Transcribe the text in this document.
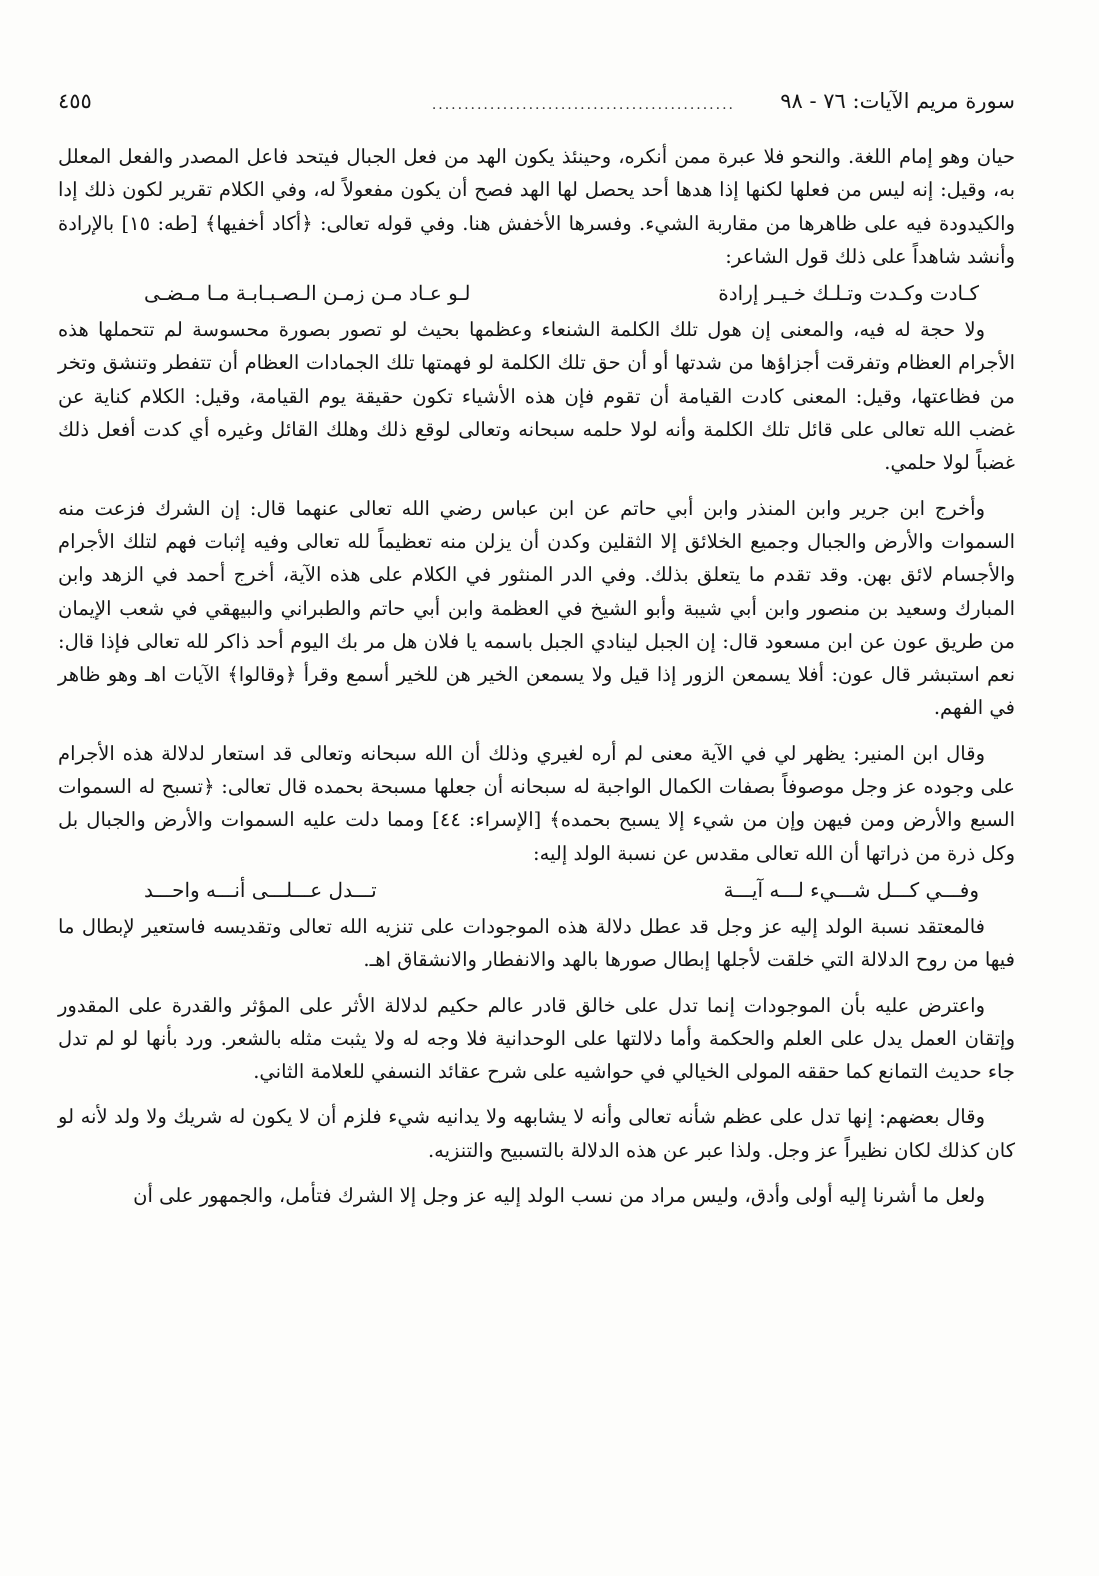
سورة مريم الآيات: ٧٦ - ٩٨
...............................................
٤٥٥

حيان وهو إمام اللغة. والنحو فلا عبرة ممن أنكره، وحينئذ يكون الهد من فعل الجبال فيتحد فاعل المصدر والفعل المعلل به، وقيل: إنه ليس من فعلها لكنها إذا هدها أحد يحصل لها الهد فصح أن يكون مفعولاً له، وفي الكلام تقرير لكون ذلك إدا والكيدودة فيه على ظاهرها من مقاربة الشيء. وفسرها الأخفش هنا. وفي قوله تعالى: ﴿أكاد أخفيها﴾ [طه: ١٥] بالإرادة وأنشد شاهداً على ذلك قول الشاعر:

كـادت وكـدت وتـلـك خـيـر إرادة
لـو عـاد مـن زمـن الـصـبـابـة مـا مـضـى

ولا حجة له فيه، والمعنى إن هول تلك الكلمة الشنعاء وعظمها بحيث لو تصور بصورة محسوسة لم تتحملها هذه الأجرام العظام وتفرقت أجزاؤها من شدتها أو أن حق تلك الكلمة لو فهمتها تلك الجمادات العظام أن تتفطر وتنشق وتخر من فظاعتها، وقيل: المعنى كادت القيامة أن تقوم فإن هذه الأشياء تكون حقيقة يوم القيامة، وقيل: الكلام كناية عن غضب الله تعالى على قائل تلك الكلمة وأنه لولا حلمه سبحانه وتعالى لوقع ذلك وهلك القائل وغيره أي كدت أفعل ذلك غضباً لولا حلمي.

وأخرج ابن جرير وابن المنذر وابن أبي حاتم عن ابن عباس رضي الله تعالى عنهما قال: إن الشرك فزعت منه السموات والأرض والجبال وجميع الخلائق إلا الثقلين وكدن أن يزلن منه تعظيماً لله تعالى وفيه إثبات فهم لتلك الأجرام والأجسام لائق بهن. وقد تقدم ما يتعلق بذلك. وفي الدر المنثور في الكلام على هذه الآية، أخرج أحمد في الزهد وابن المبارك وسعيد بن منصور وابن أبي شيبة وأبو الشيخ في العظمة وابن أبي حاتم والطبراني والبيهقي في شعب الإيمان من طريق عون عن ابن مسعود قال: إن الجبل لينادي الجبل باسمه يا فلان هل مر بك اليوم أحد ذاكر لله تعالى فإذا قال: نعم استبشر قال عون: أفلا يسمعن الزور إذا قيل ولا يسمعن الخير هن للخير أسمع وقرأ ﴿وقالوا﴾ الآيات اهـ وهو ظاهر في الفهم.

وقال ابن المنير: يظهر لي في الآية معنى لم أره لغيري وذلك أن الله سبحانه وتعالى قد استعار لدلالة هذه الأجرام على وجوده عز وجل موصوفاً بصفات الكمال الواجبة له سبحانه أن جعلها مسبحة بحمده قال تعالى: ﴿تسبح له السموات السبع والأرض ومن فيهن وإن من شيء إلا يسبح بحمده﴾ [الإسراء: ٤٤] ومما دلت عليه السموات والأرض والجبال بل وكل ذرة من ذراتها أن الله تعالى مقدس عن نسبة الولد إليه:

وفـــي كـــل شـــيء لـــه آيـــة
تـــدل عـــلـــى أنـــه واحـــد

فالمعتقد نسبة الولد إليه عز وجل قد عطل دلالة هذه الموجودات على تنزيه الله تعالى وتقديسه فاستعير لإبطال ما فيها من روح الدلالة التي خلقت لأجلها إبطال صورها بالهد والانفطار والانشقاق اهـ.

واعترض عليه بأن الموجودات إنما تدل على خالق قادر عالم حكيم لدلالة الأثر على المؤثر والقدرة على المقدور وإتقان العمل يدل على العلم والحكمة وأما دلالتها على الوحدانية فلا وجه له ولا يثبت مثله بالشعر. ورد بأنها لو لم تدل جاء حديث التمانع كما حققه المولى الخيالي في حواشيه على شرح عقائد النسفي للعلامة الثاني.

وقال بعضهم: إنها تدل على عظم شأنه تعالى وأنه لا يشابهه ولا يدانيه شيء فلزم أن لا يكون له شريك ولا ولد لأنه لو كان كذلك لكان نظيراً عز وجل. ولذا عبر عن هذه الدلالة بالتسبيح والتنزيه.

ولعل ما أشرنا إليه أولى وأدق، وليس مراد من نسب الولد إليه عز وجل إلا الشرك فتأمل، والجمهور على أن
